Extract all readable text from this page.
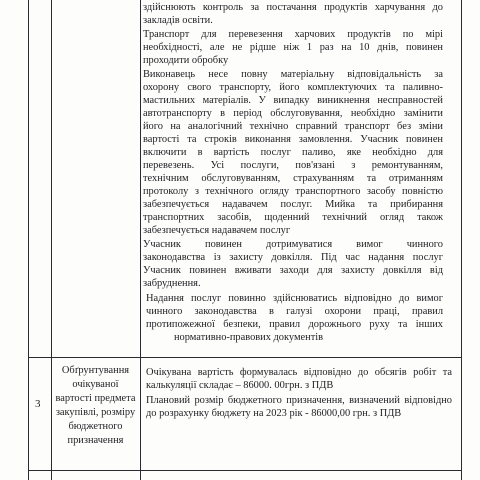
здійснюють контроль за постачання продуктів харчування до
закладів освіти.
Транспорт для перевезення харчових продуктів по мірі
необхідності, але не рідше ніж 1 раз на 10 днів, повинен
проходити обробку
Виконавець несе повну матеріальну відповідальність за
охорону свого транспорту, його комплектуючих та паливно-
мастильних матеріалів. У випадку виникнення несправностей
автотранспорту в період обслуговування, необхідно замінити
його на аналогічний технічно справний транспорт без зміни
вартості та строків виконання замовлення. Учасник повинен
включити в вартість послуг паливо, яке необхідно для
перевезень. Усі послуги, пов'язані з ремонтуванням,
технічним обслуговуванням, страхуванням та отриманням
протоколу з технічного огляду транспортного засобу повністю
забезпечується надавачем послуг. Мийка та прибирання
транспортних засобів, щоденний технічний огляд також
забезпечується надавачем послуг
Учасник повинен дотримуватися вимог чинного
законодавства із захисту довкілля. Під час надання послуг
Учасник повинен вживати заходи для захисту довкілля від
забруднення.
Надання послуг повинно здійснюватись відповідно до вимог
чинного законодавства в галузі охорони праці, правил
протипожежної безпеки, правил дорожнього руху та інших
нормативно-правових документів
3
Обґрунтування
очікуваної
вартості предмета
закупівлі, розміру
бюджетного
призначення
Очікувана вартість формувалась відповідно до обсягів робіт та
калькуляції складає – 86000. 00грн. з ПДВ
Плановий розмір бюджетного призначення, визначений відповідно
до розрахунку бюджету на 2023 рік - 86000,00 грн. з ПДВ
